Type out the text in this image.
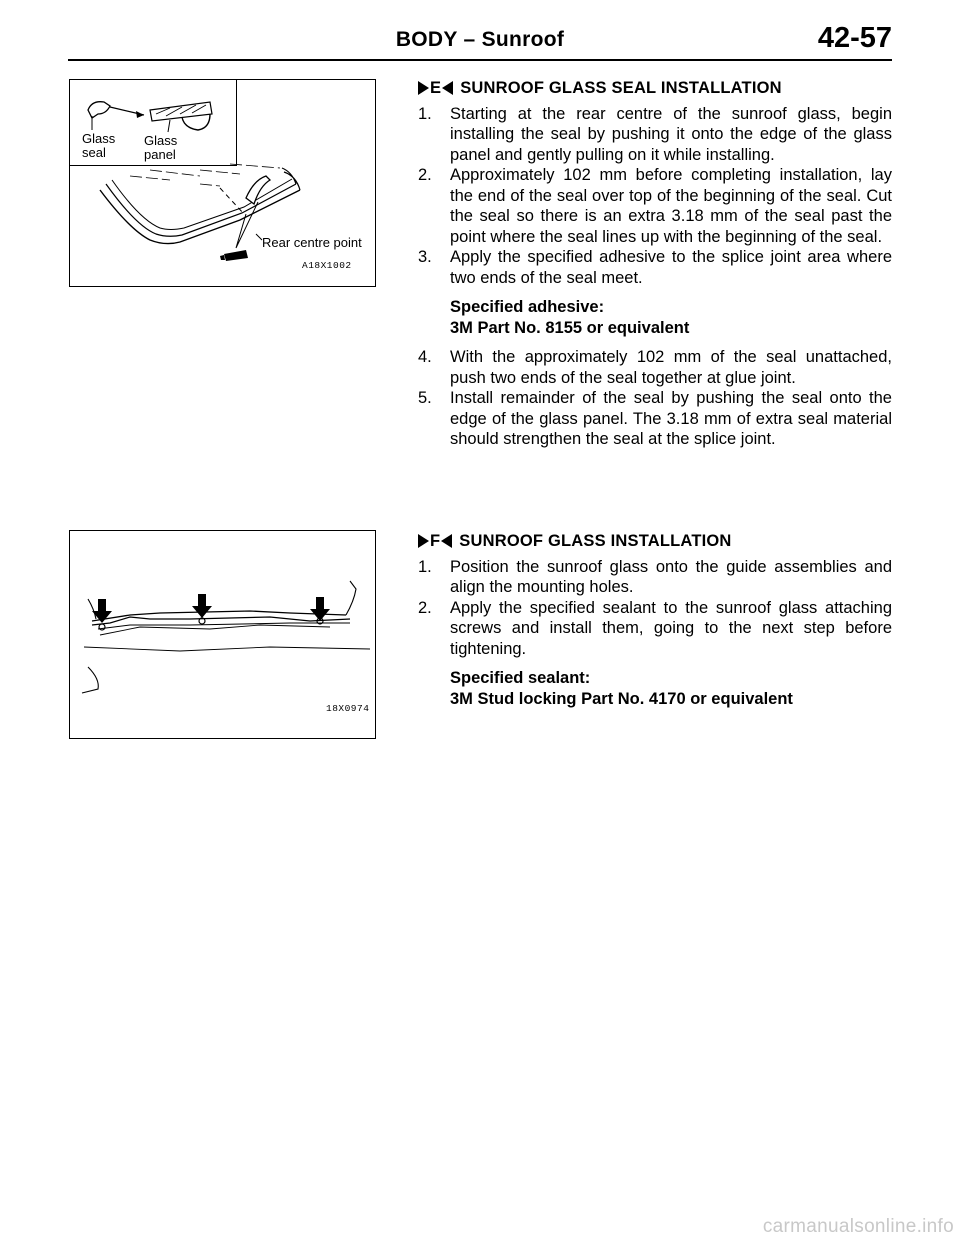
BODY – Sunroof	42-57
Glass
seal
Glass
panel
Rear centre point
A18X1002
18X0974
E SUNROOF GLASS SEAL INSTALLATION
1.	Starting at the rear centre of the sunroof glass, begin installing the seal by pushing it onto the edge of the glass panel and gently pulling on it while installing.
2.	Approximately 102 mm before completing installation, lay the end of the seal over top of the beginning of the seal. Cut the seal so there is an extra 3.18 mm of the seal past the point where the seal lines up with the beginning of the seal.
3.	Apply the specified adhesive to the splice joint area where two ends of the seal meet.
Specified adhesive:
3M Part No. 8155 or equivalent
4.	With the approximately 102 mm of the seal unattached, push two ends of the seal together at glue joint.
5.	Install remainder of the seal by pushing the seal onto the edge of the glass panel. The 3.18 mm of extra seal material should strengthen the seal at the splice joint.
F SUNROOF GLASS INSTALLATION
1.	Position the sunroof glass onto the guide assemblies and align the mounting holes.
2.	Apply the specified sealant to the sunroof glass attaching screws and install them, going to the next step before tightening.
Specified sealant:
3M Stud locking Part No. 4170 or equivalent
carmanualsonline.info
